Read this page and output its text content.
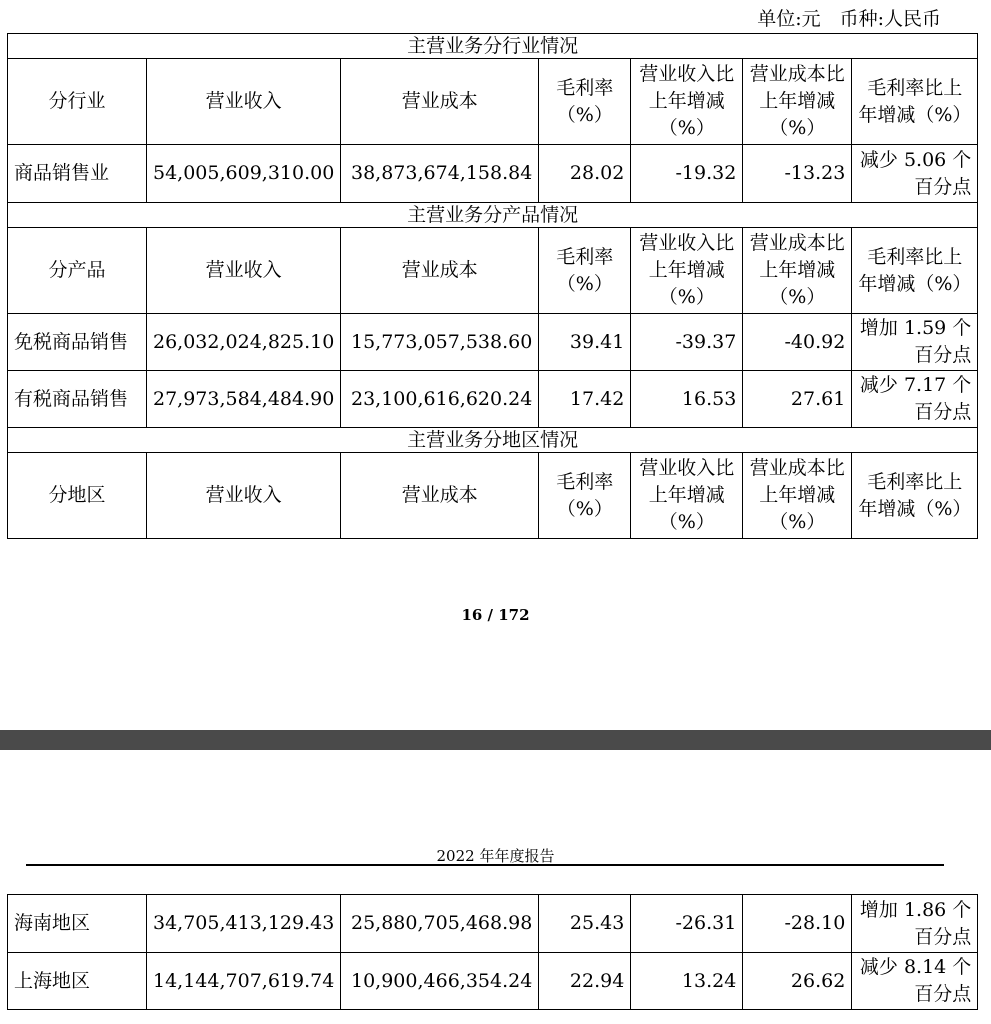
单位:元　币种:人民币
主营业务分行业情况						
分行业	营业收入	营业成本	毛利率（%）	营业收入比上年增减（%）	营业成本比上年增减（%）	毛利率比上年增减（%）
商品销售业	54,005,609,310.00	38,873,674,158.84	28.02	-19.32	-13.23	减少 5.06 个百分点
主营业务分产品情况						
分产品	营业收入	营业成本	毛利率（%）	营业收入比上年增减（%）	营业成本比上年增减（%）	毛利率比上年增减（%）
免税商品销售	26,032,024,825.10	15,773,057,538.60	39.41	-39.37	-40.92	增加 1.59 个百分点
有税商品销售	27,973,584,484.90	23,100,616,620.24	17.42	16.53	27.61	减少 7.17 个百分点
主营业务分地区情况						
分地区	营业收入	营业成本	毛利率（%）	营业收入比上年增减（%）	营业成本比上年增减（%）	毛利率比上年增减（%）
16 / 172
2022 年年度报告
海南地区	34,705,413,129.43	25,880,705,468.98	25.43	-26.31	-28.10	增加 1.86 个百分点
上海地区	14,144,707,619.74	10,900,466,354.24	22.94	13.24	26.62	减少 8.14 个百分点
